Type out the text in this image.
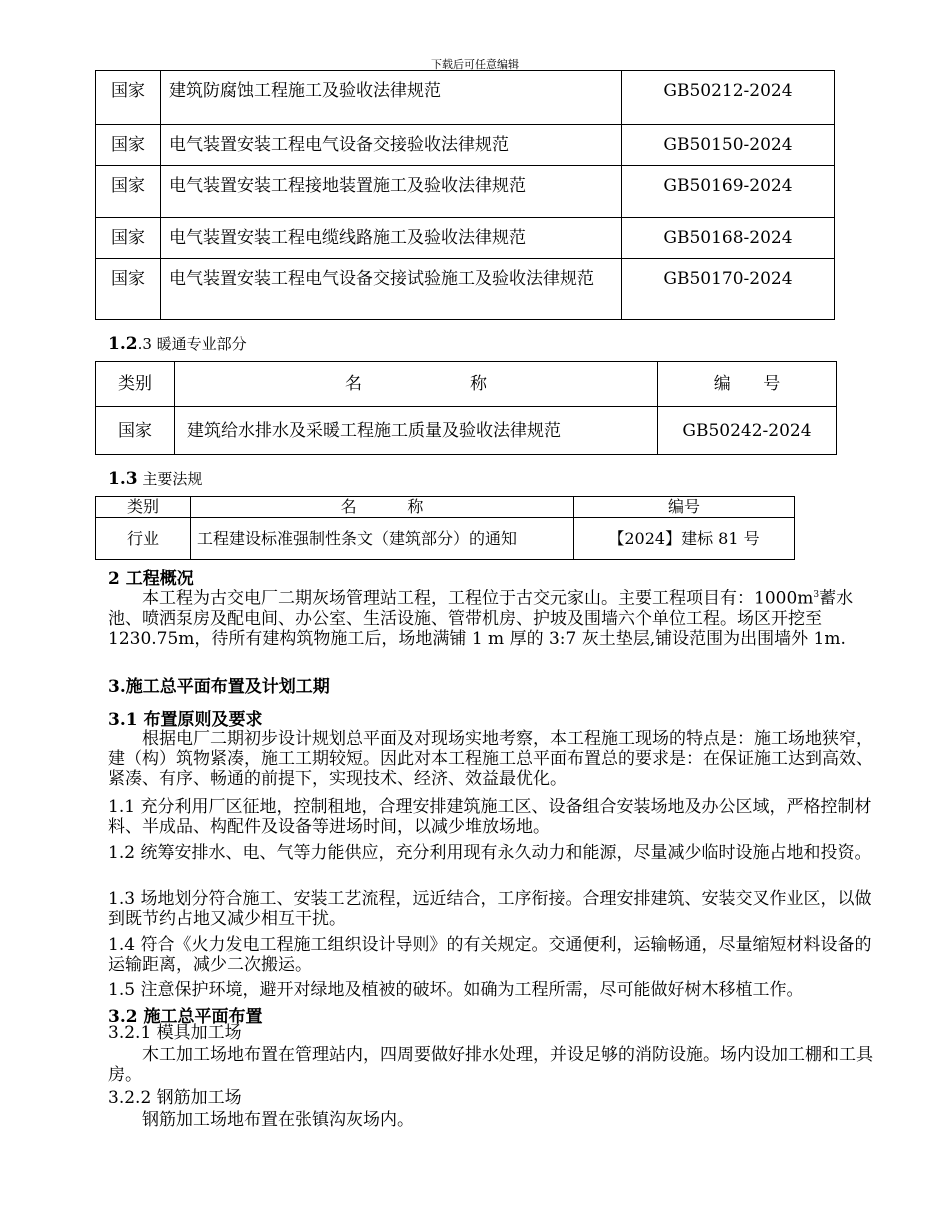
下载后可任意编辑
国家	建筑防腐蚀工程施工及验收法律规范	GB50212-2024
国家	电气装置安装工程电气设备交接验收法律规范	GB50150-2024
国家	电气装置安装工程接地装置施工及验收法律规范	GB50169-2024
国家	电气装置安装工程电缆线路施工及验收法律规范	GB50168-2024
国家	电气装置安装工程电气设备交接试验施工及验收法律规范	GB50170-2024
1.2.3 暖通专业部分
类别	名                    称	编      号
国家	建筑给水排水及采暖工程施工质量及验收法律规范	GB50242-2024
1.3 主要法规
类别	名          称	编号
行业	工程建设标准强制性条文（建筑部分）的通知	【2024】建标 81 号
2 工程概况
本工程为古交电厂二期灰场管理站工程，工程位于古交元家山。主要工程项目有：$1000m^3$蓄水池、喷洒泵房及配电间、办公室、生活设施、管带机房、护坡及围墙六个单位工程。场区开挖至 1230.75m，待所有建构筑物施工后，场地满铺 1 m 厚的 3:7 灰土垫层,铺设范围为出围墙外 1m.
3.施工总平面布置及计划工期
3.1 布置原则及要求
根据电厂二期初步设计规划总平面及对现场实地考察，本工程施工现场的特点是：施工场地狭窄，建（构）筑物紧凑，施工工期较短。因此对本工程施工总平面布置总的要求是：在保证施工达到高效、紧凑、有序、畅通的前提下，实现技术、经济、效益最优化。
1.1 充分利用厂区征地，控制租地，合理安排建筑施工区、设备组合安装场地及办公区域，严格控制材料、半成品、构配件及设备等进场时间，以减少堆放场地。
1.2 统筹安排水、电、气等力能供应，充分利用现有永久动力和能源，尽量减少临时设施占地和投资。
1.3 场地划分符合施工、安装工艺流程，远近结合，工序衔接。合理安排建筑、安装交叉作业区，以做到既节约占地又减少相互干扰。
1.4 符合《火力发电工程施工组织设计导则》的有关规定。交通便利，运输畅通，尽量缩短材料设备的运输距离，减少二次搬运。
1.5 注意保护环境，避开对绿地及植被的破坏。如确为工程所需，尽可能做好树木移植工作。
3.2 施工总平面布置
3.2.1 模具加工场
木工加工场地布置在管理站内，四周要做好排水处理，并设足够的消防设施。场内设加工棚和工具房。
3.2.2 钢筋加工场
钢筋加工场地布置在张镇沟灰场内。
